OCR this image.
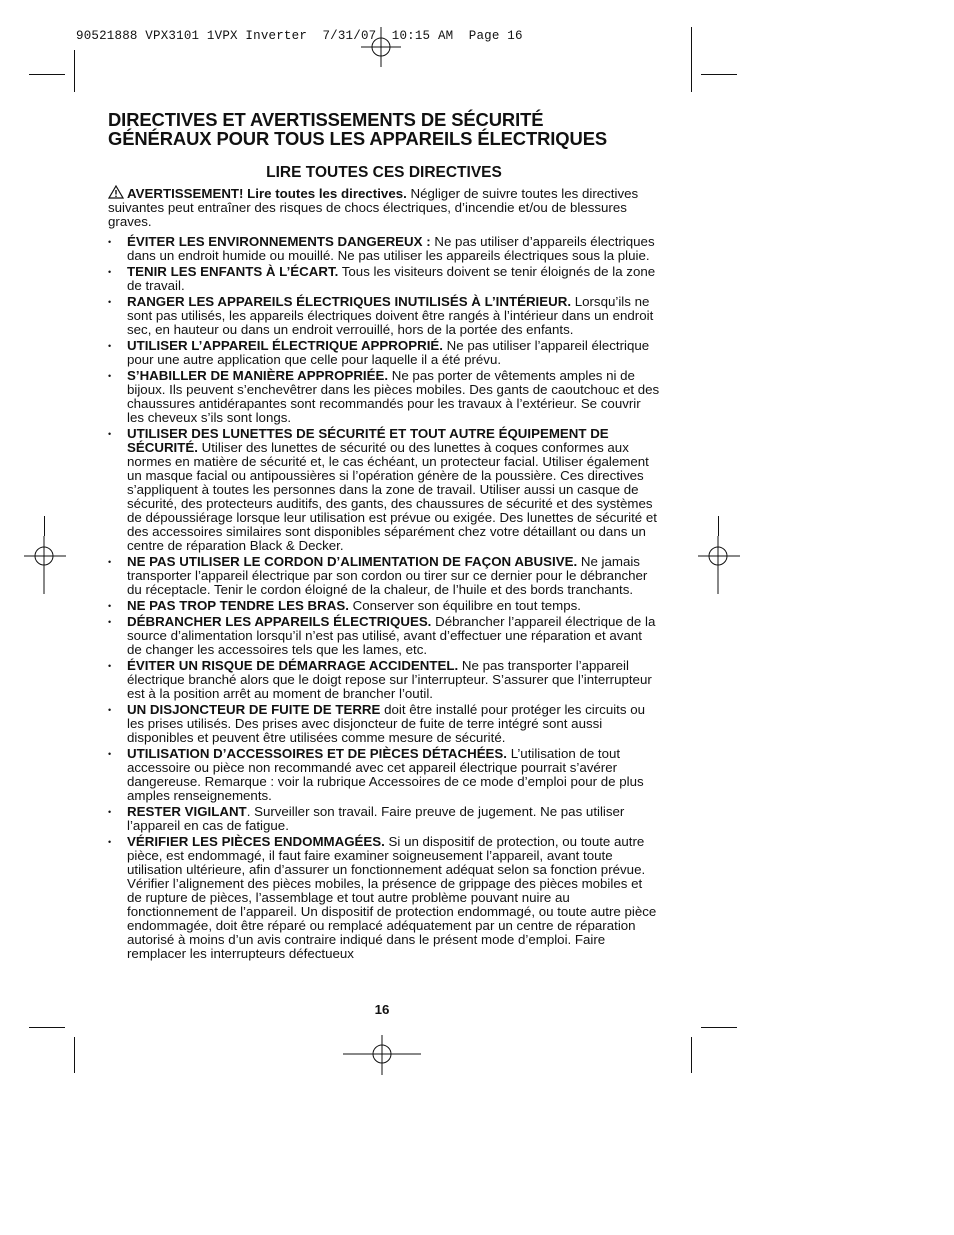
90521888 VPX3101 1VPX Inverter  7/31/07  10:15 AM  Page 16
DIRECTIVES ET AVERTISSEMENTS DE SÉCURITÉ
GÉNÉRAUX POUR TOUS LES APPAREILS ÉLECTRIQUES
LIRE TOUTES CES DIRECTIVES

AVERTISSEMENT! Lire toutes les directives. Négliger de suivre toutes les directives suivantes peut entraîner des risques de chocs électriques, d’incendie et/ou de blessures graves.

• ÉVITER LES ENVIRONNEMENTS DANGEREUX : Ne pas utiliser d’appareils électriques dans un endroit humide ou mouillé. Ne pas utiliser les appareils électriques sous la pluie.
• TENIR LES ENFANTS À L’ÉCART. Tous les visiteurs doivent se tenir éloignés de la zone de travail.
• RANGER LES APPAREILS ÉLECTRIQUES INUTILISÉS À L’INTÉRIEUR. Lorsqu’ils ne sont pas utilisés, les appareils électriques doivent être rangés à l’intérieur dans un endroit sec, en hauteur ou dans un endroit verrouillé, hors de la portée des enfants.
• UTILISER L’APPAREIL ÉLECTRIQUE APPROPRIÉ. Ne pas utiliser l’appareil électrique pour une autre application que celle pour laquelle il a été prévu.
• S’HABILLER DE MANIÈRE APPROPRIÉE. Ne pas porter de vêtements amples ni de bijoux. Ils peuvent s’enchevêtrer dans les pièces mobiles. Des gants de caoutchouc et des chaussures antidérapantes sont recommandés pour les travaux à l’extérieur. Se couvrir les cheveux s’ils sont longs.
• UTILISER DES LUNETTES DE SÉCURITÉ ET TOUT AUTRE ÉQUIPEMENT DE SÉCURITÉ. Utiliser des lunettes de sécurité ou des lunettes à coques conformes aux normes en matière de sécurité et, le cas échéant, un protecteur facial. Utiliser également un masque facial ou antipoussières si l’opération génère de la poussière. Ces directives s’appliquent à toutes les personnes dans la zone de travail. Utiliser aussi un casque de sécurité, des protecteurs auditifs, des gants, des chaussures de sécurité et des systèmes de dépoussiérage lorsque leur utilisation est prévue ou exigée. Des lunettes de sécurité et des accessoires similaires sont disponibles séparément chez votre détaillant ou dans un centre de réparation Black & Decker.
• NE PAS UTILISER LE CORDON D’ALIMENTATION DE FAÇON ABUSIVE. Ne jamais transporter l’appareil électrique par son cordon ou tirer sur ce dernier pour le débrancher du réceptacle. Tenir le cordon éloigné de la chaleur, de l’huile et des bords tranchants.
• NE PAS TROP TENDRE LES BRAS. Conserver son équilibre en tout temps.
• DÉBRANCHER LES APPAREILS ÉLECTRIQUES. Débrancher l’appareil électrique de la source d’alimentation lorsqu’il n’est pas utilisé, avant d’effectuer une réparation et avant de changer les accessoires tels que les lames, etc.
• ÉVITER UN RISQUE DE DÉMARRAGE ACCIDENTEL. Ne pas transporter l’appareil électrique branché alors que le doigt repose sur l’interrupteur. S’assurer que l’interrupteur est à la position arrêt au moment de brancher l’outil.
• UN DISJONCTEUR DE FUITE DE TERRE doit être installé pour protéger les circuits ou les prises utilisés. Des prises avec disjoncteur de fuite de terre intégré sont aussi disponibles et peuvent être utilisées comme mesure de sécurité.
• UTILISATION D’ACCESSOIRES ET DE PIÈCES DÉTACHÉES. L’utilisation de tout accessoire ou pièce non recommandé avec cet appareil électrique pourrait s’avérer dangereuse. Remarque : voir la rubrique Accessoires de ce mode d’emploi pour de plus amples renseignements.
• RESTER VIGILANT. Surveiller son travail. Faire preuve de jugement. Ne pas utiliser l’appareil en cas de fatigue.
• VÉRIFIER LES PIÈCES ENDOMMAGÉES. Si un dispositif de protection, ou toute autre pièce, est endommagé, il faut faire examiner soigneusement l’appareil, avant toute utilisation ultérieure, afin d’assurer un fonctionnement adéquat selon sa fonction prévue. Vérifier l’alignement des pièces mobiles, la présence de grippage des pièces mobiles et de rupture de pièces, l’assemblage et tout autre problème pouvant nuire au fonctionnement de l’appareil. Un dispositif de protection endommagé, ou toute autre pièce endommagée, doit être réparé ou remplacé adéquatement par un centre de réparation autorisé à moins d’un avis contraire indiqué dans le présent mode d’emploi. Faire remplacer les interrupteurs défectueux
16
